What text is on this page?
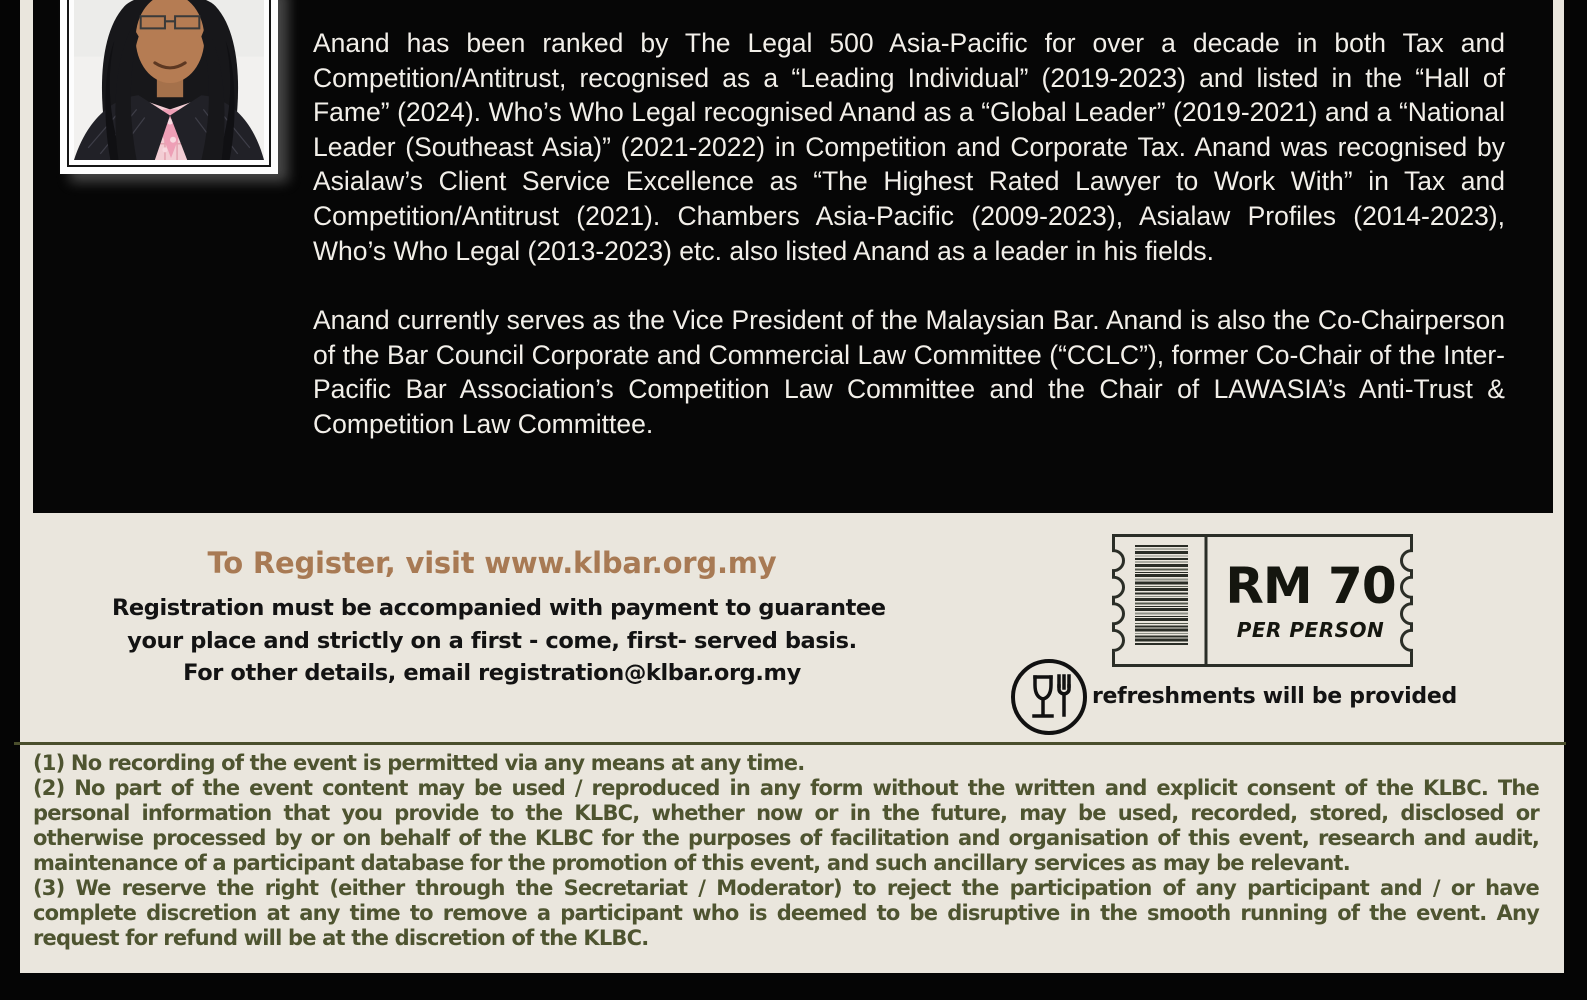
Anand has been ranked by The Legal 500 Asia-Pacific for over a decade in both Tax and Competition/Antitrust, recognised as a “Leading Individual” (2019-2023) and listed in the “Hall of Fame” (2024). Who’s Who Legal recognised Anand as a “Global Leader” (2019-2021) and a “National Leader (Southeast Asia)” (2021-2022) in Competition and Corporate Tax. Anand was recognised by Asialaw’s Client Service Excellence as “The Highest Rated Lawyer to Work With” in Tax and Competition/Antitrust (2021). Chambers Asia-Pacific (2009-2023), Asialaw Profiles (2014-2023), Who’s Who Legal (2013-2023) etc. also listed Anand as a leader in his fields.

Anand currently serves as the Vice President of the Malaysian Bar. Anand is also the Co-Chairperson of the Bar Council Corporate and Commercial Law Committee (“CCLC”), former Co-Chair of the Inter-Pacific Bar Association’s Competition Law Committee and the Chair of LAWASIA’s Anti-Trust & Competition Law Committee.

To Register, visit www.klbar.org.my
Registration must be accompanied with payment to guarantee
your place and strictly on a first - come, first- served basis.
For other details, email registration@klbar.org.my
RM 70
PER PERSON
refreshments will be provided

(1) No recording of the event is permitted via any means at any time.

(2) No part of the event content may be used / reproduced in any form without the written and explicit consent of the KLBC. The personal information that you provide to the KLBC, whether now or in the future, may be used, recorded, stored, disclosed or otherwise processed by or on behalf of the KLBC for the purposes of facilitation and organisation of this event, research and audit, maintenance of a participant database for the promotion of this event, and such ancillary services as may be relevant.

(3) We reserve the right (either through the Secretariat / Moderator) to reject the participation of any participant and / or have complete discretion at any time to remove a participant who is deemed to be disruptive in the smooth running of the event. Any request for refund will be at the discretion of the KLBC.
